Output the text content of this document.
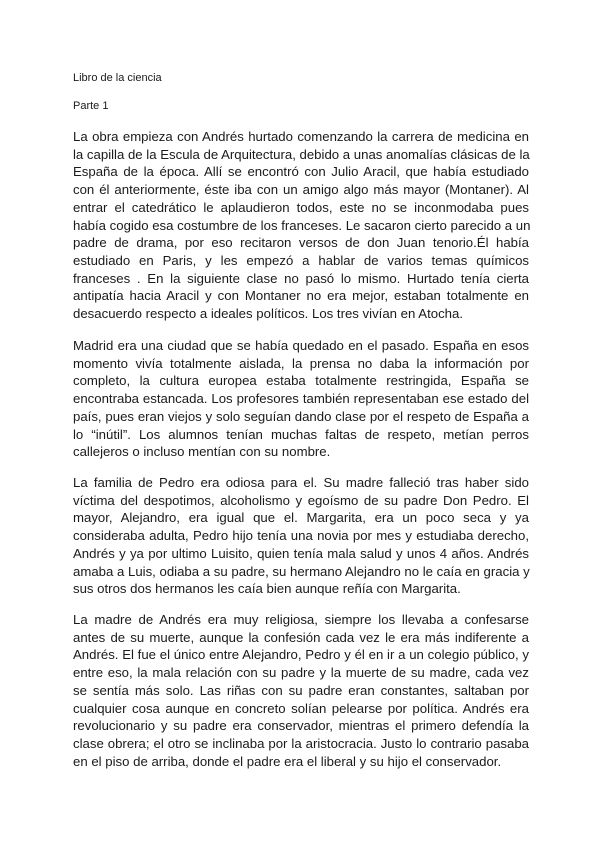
Libro de la ciencia
Parte 1
La obra empieza con Andrés hurtado comenzando la carrera de medicina en
la capilla de la Escula de Arquitectura, debido a unas anomalías clásicas de la
España de la época. Allí se encontró con Julio Aracil, que había estudiado
con él anteriormente, éste iba con un amigo algo más mayor (Montaner). Al
entrar el catedrático le aplaudieron todos, este no se inconmodaba pues
había cogido esa costumbre de los franceses. Le sacaron cierto parecido a un
padre de drama, por eso recitaron versos de don Juan tenorio.Él había
estudiado en Paris, y les empezó a hablar de varios temas químicos
franceses . En la siguiente clase no pasó lo mismo. Hurtado tenía cierta
antipatía hacia Aracil y con Montaner no era mejor, estaban totalmente en
desacuerdo respecto a ideales políticos. Los tres vivían en Atocha.
Madrid era una ciudad que se había quedado en el pasado. España en esos
momento vivía totalmente aislada, la prensa no daba la información por
completo, la cultura europea estaba totalmente restringida, España se
encontraba estancada. Los profesores también representaban ese estado del
país, pues eran viejos y solo seguían dando clase por el respeto de España a
lo “inútil”. Los alumnos tenían muchas faltas de respeto, metían perros
callejeros o incluso mentían con su nombre.
La familia de Pedro era odiosa para el. Su madre falleció tras haber sido
víctima del despotimos, alcoholismo y egoísmo de su padre Don Pedro. El
mayor, Alejandro, era igual que el. Margarita, era un poco seca y ya
consideraba adulta, Pedro hijo tenía una novia por mes y estudiaba derecho,
Andrés y ya por ultimo Luisito, quien tenía mala salud y unos 4 años. Andrés
amaba a Luis, odiaba a su padre, su hermano Alejandro no le caía en gracia y
sus otros dos hermanos les caía bien aunque reñía con Margarita.
La madre de Andrés era muy religiosa, siempre los llevaba a confesarse
antes de su muerte, aunque la confesión cada vez le era más indiferente a
Andrés. El fue el único entre Alejandro, Pedro y él en ir a un colegio público, y
entre eso, la mala relación con su padre y la muerte de su madre, cada vez
se sentía más solo. Las riñas con su padre eran constantes, saltaban por
cualquier cosa aunque en concreto solían pelearse por política. Andrés era
revolucionario y su padre era conservador, mientras el primero defendía la
clase obrera; el otro se inclinaba por la aristocracia. Justo lo contrario pasaba
en el piso de arriba, donde el padre era el liberal y su hijo el conservador.
